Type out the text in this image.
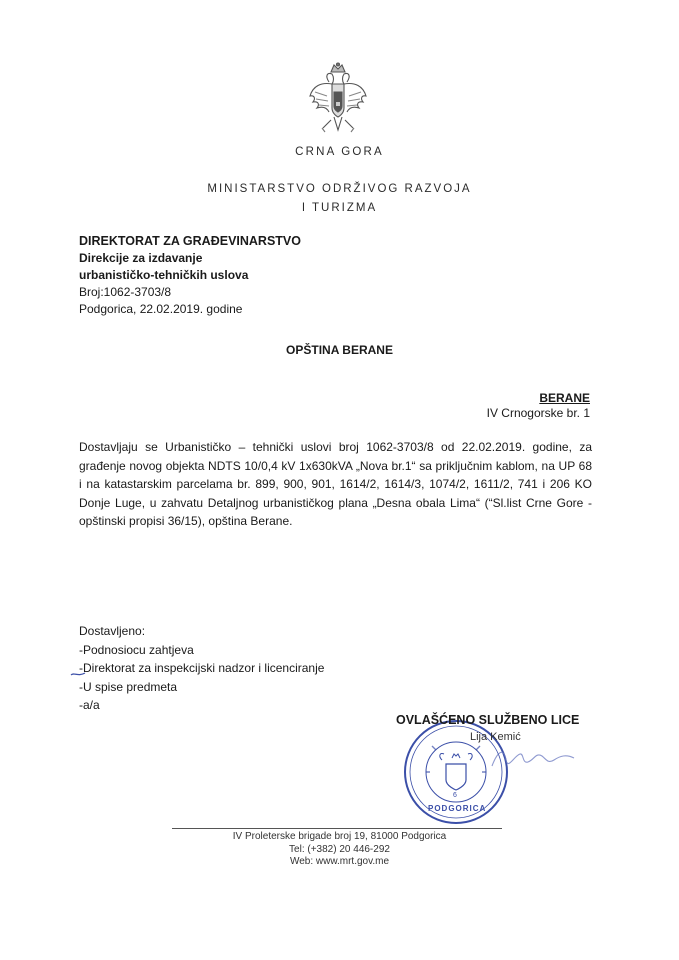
CRNA GORA
MINISTARSTVO ODRŽIVOG RAZVOJA
I TURIZMA
DIREKTORAT ZA GRAĐEVINARSTVO
Direkcije za izdavanje
urbanističko-tehničkih uslova
Broj:1062-3703/8
Podgorica, 22.02.2019. godine
OPŠTINA BERANE
BERANE
IV Crnogorske br. 1
Dostavljaju se Urbanističko – tehnički uslovi broj 1062-3703/8 od 22.02.2019. godine, za građenje novog objekta NDTS 10/0,4 kV 1x630kVA „Nova br.1“ sa priključnim kablom, na UP 68 i na katastarskim parcelama br. 899, 900, 901, 1614/2, 1614/3, 1074/2, 1611/2, 741 i 206 KO Donje Luge, u zahvatu Detaljnog urbanističkog plana „Desna obala Lima“ (“Sl.list Crne Gore - opštinski propisi 36/15), opština Berane.
Dostavljeno:
-Podnosiocu zahtjeva
-Direktorat za inspekcijski nadzor i licenciranje
-U spise predmeta
-a/a
PODGORICA
6
OVLAŠĆENO SLUŽBENO LICE
Lija Kemić
IV Proleterske brigade broj 19, 81000 Podgorica
Tel: (+382) 20 446-292
Web: www.mrt.gov.me
